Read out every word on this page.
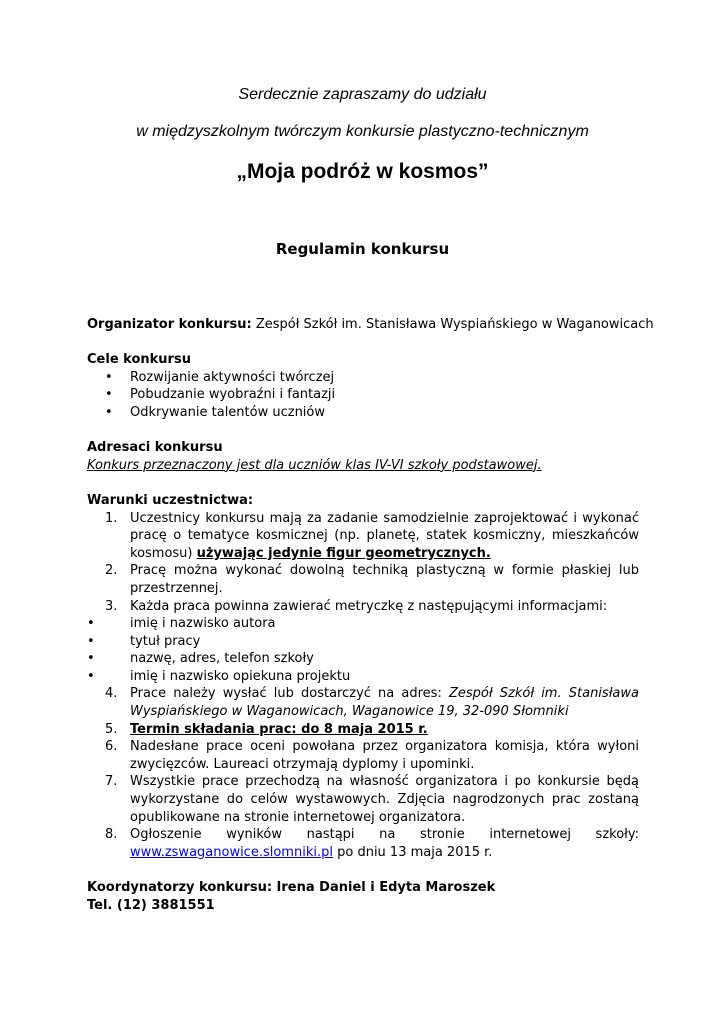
Serdecznie zapraszamy do udziału
w międzyszkolnym twórczym konkursie plastyczno-technicznym
„Moja podróż w kosmos”
Regulamin konkursu
Organizator konkursu: Zespół Szkół im. Stanisława Wyspiańskiego w Waganowicach
Cele konkursu
• Rozwijanie aktywności twórczej
• Pobudzanie wyobraźni i fantazji
• Odkrywanie talentów uczniów
Adresaci konkursu
Konkurs przeznaczony jest dla uczniów klas IV-VI szkoły podstawowej.
Warunki uczestnictwa:
1. Uczestnicy konkursu mają za zadanie samodzielnie zaprojektować i wykonać pracę o tematyce kosmicznej (np. planetę, statek kosmiczny, mieszkańców kosmosu) używając jedynie figur geometrycznych.
2. Pracę można wykonać dowolną techniką plastyczną w formie płaskiej lub przestrzennej.
3. Każda praca powinna zawierać metryczkę z następującymi informacjami:
•	imię i nazwisko autora
•	tytuł pracy
•	nazwę, adres, telefon szkoły
•	imię i nazwisko opiekuna projektu
4. Prace należy wysłać lub dostarczyć na adres: Zespół Szkół im. Stanisława Wyspiańskiego w Waganowicach, Waganowice 19, 32-090 Słomniki
5. Termin składania prac: do 8 maja 2015 r.
6. Nadesłane prace oceni powołana przez organizatora komisja, która wyłoni zwycięzców. Laureaci otrzymają dyplomy i upominki.
7. Wszystkie prace przechodzą na własność organizatora i po konkursie będą wykorzystane do celów wystawowych. Zdjęcia nagrodzonych prac zostaną opublikowane na stronie internetowej organizatora.
8. Ogłoszenie wyników nastąpi na stronie internetowej szkoły:
www.zswaganowice.slomniki.pl po dniu 13 maja 2015 r.
Koordynatorzy konkursu: Irena Daniel i Edyta Maroszek
Tel. (12) 3881551
